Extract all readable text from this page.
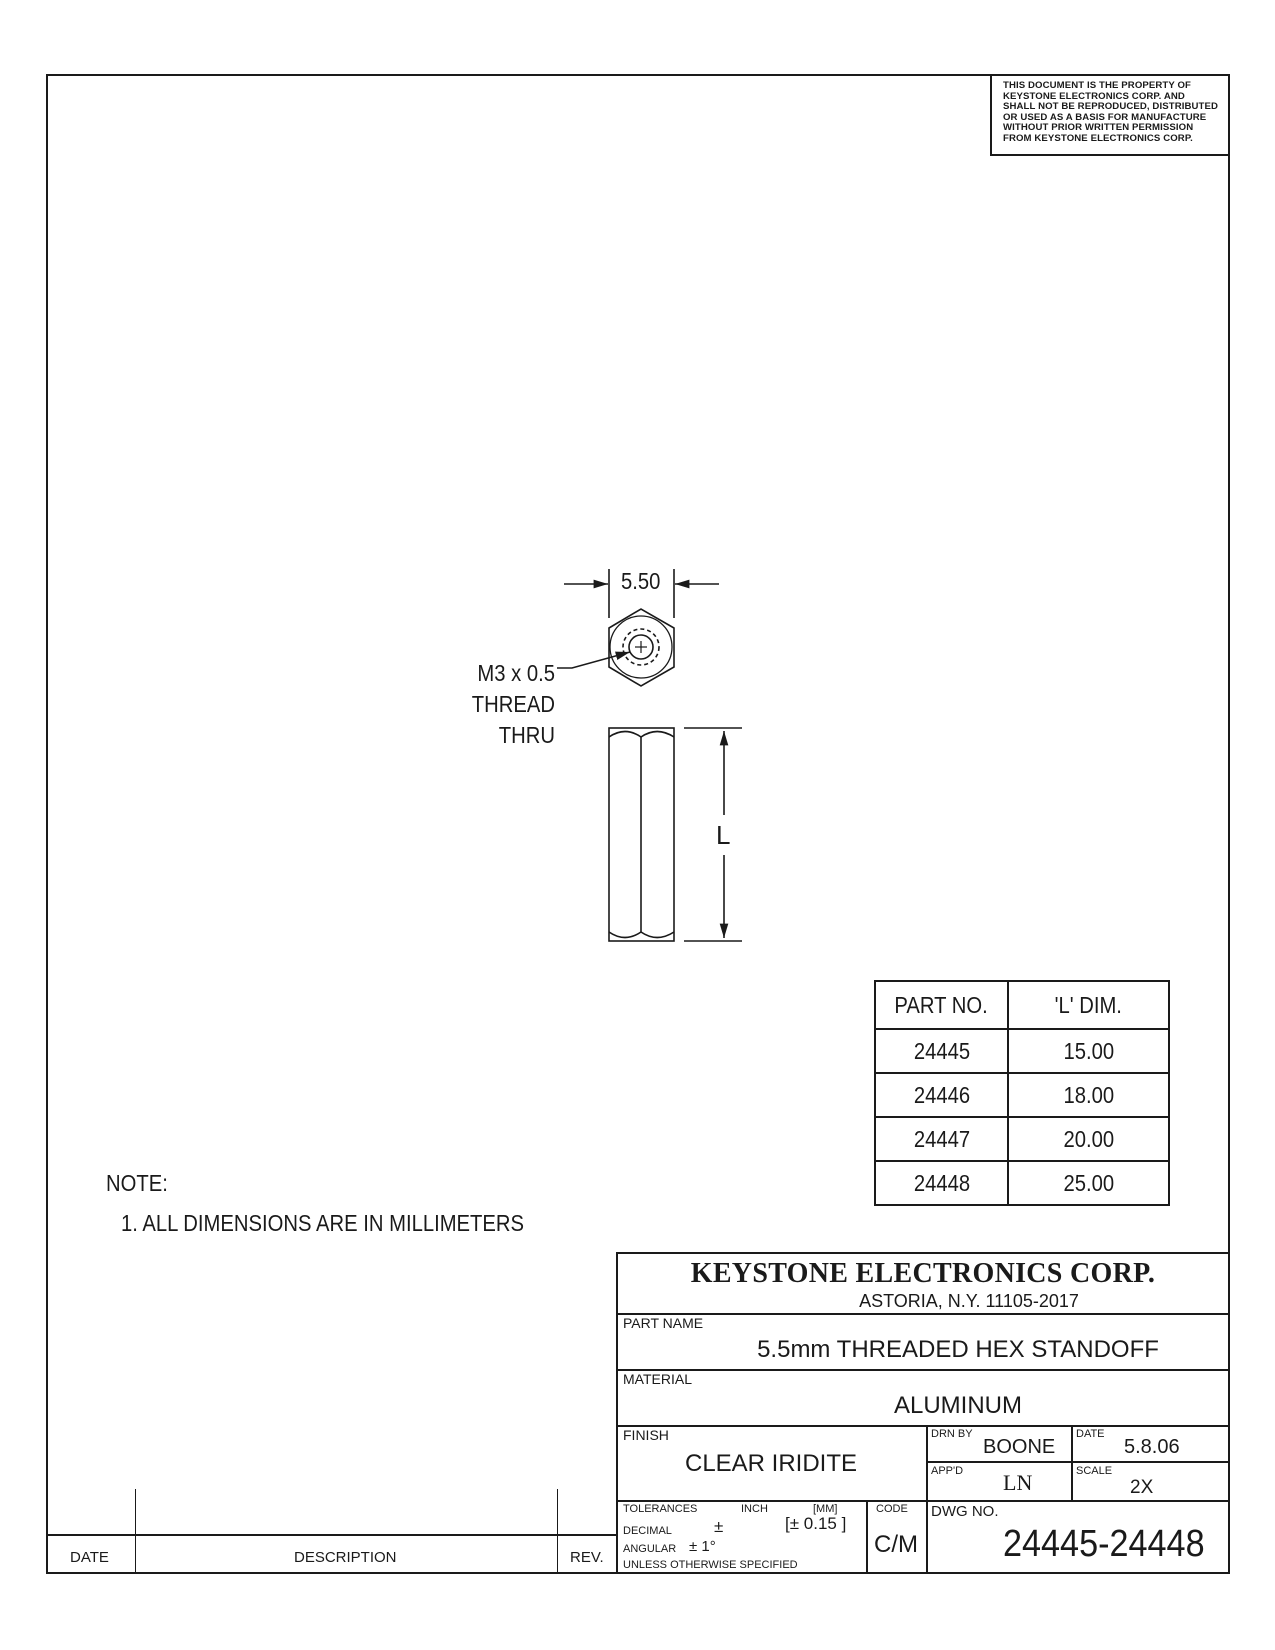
THIS DOCUMENT IS THE PROPERTY OF
KEYSTONE ELECTRONICS CORP. AND
SHALL NOT BE REPRODUCED, DISTRIBUTED
OR USED AS A BASIS FOR MANUFACTURE
WITHOUT PRIOR WRITTEN PERMISSION
FROM KEYSTONE ELECTRONICS CORP.
5.50
M3 x 0.5
THREAD
THRU
L
PART NO.	'L' DIM.
24445	15.00
24446	18.00
24447	20.00
24448	25.00
NOTE:
1. ALL DIMENSIONS ARE IN MILLIMETERS
DATE	DESCRIPTION	REV.
KEYSTONE ELECTRONICS CORP.
ASTORIA, N.Y. 11105-2017
PART NAME
5.5mm THREADED HEX STANDOFF
MATERIAL
ALUMINUM
FINISH
CLEAR IRIDITE
DRN BY
BOONE
DATE
5.8.06
APP'D LN	SCALE
2X
TOLERANCES	INCH	[MM]	CODE
DECIMAL ±	[± 0.15 ]
ANGULAR ± 1°
UNLESS OTHERWISE SPECIFIED
C/M
DWG NO.
24445-24448
